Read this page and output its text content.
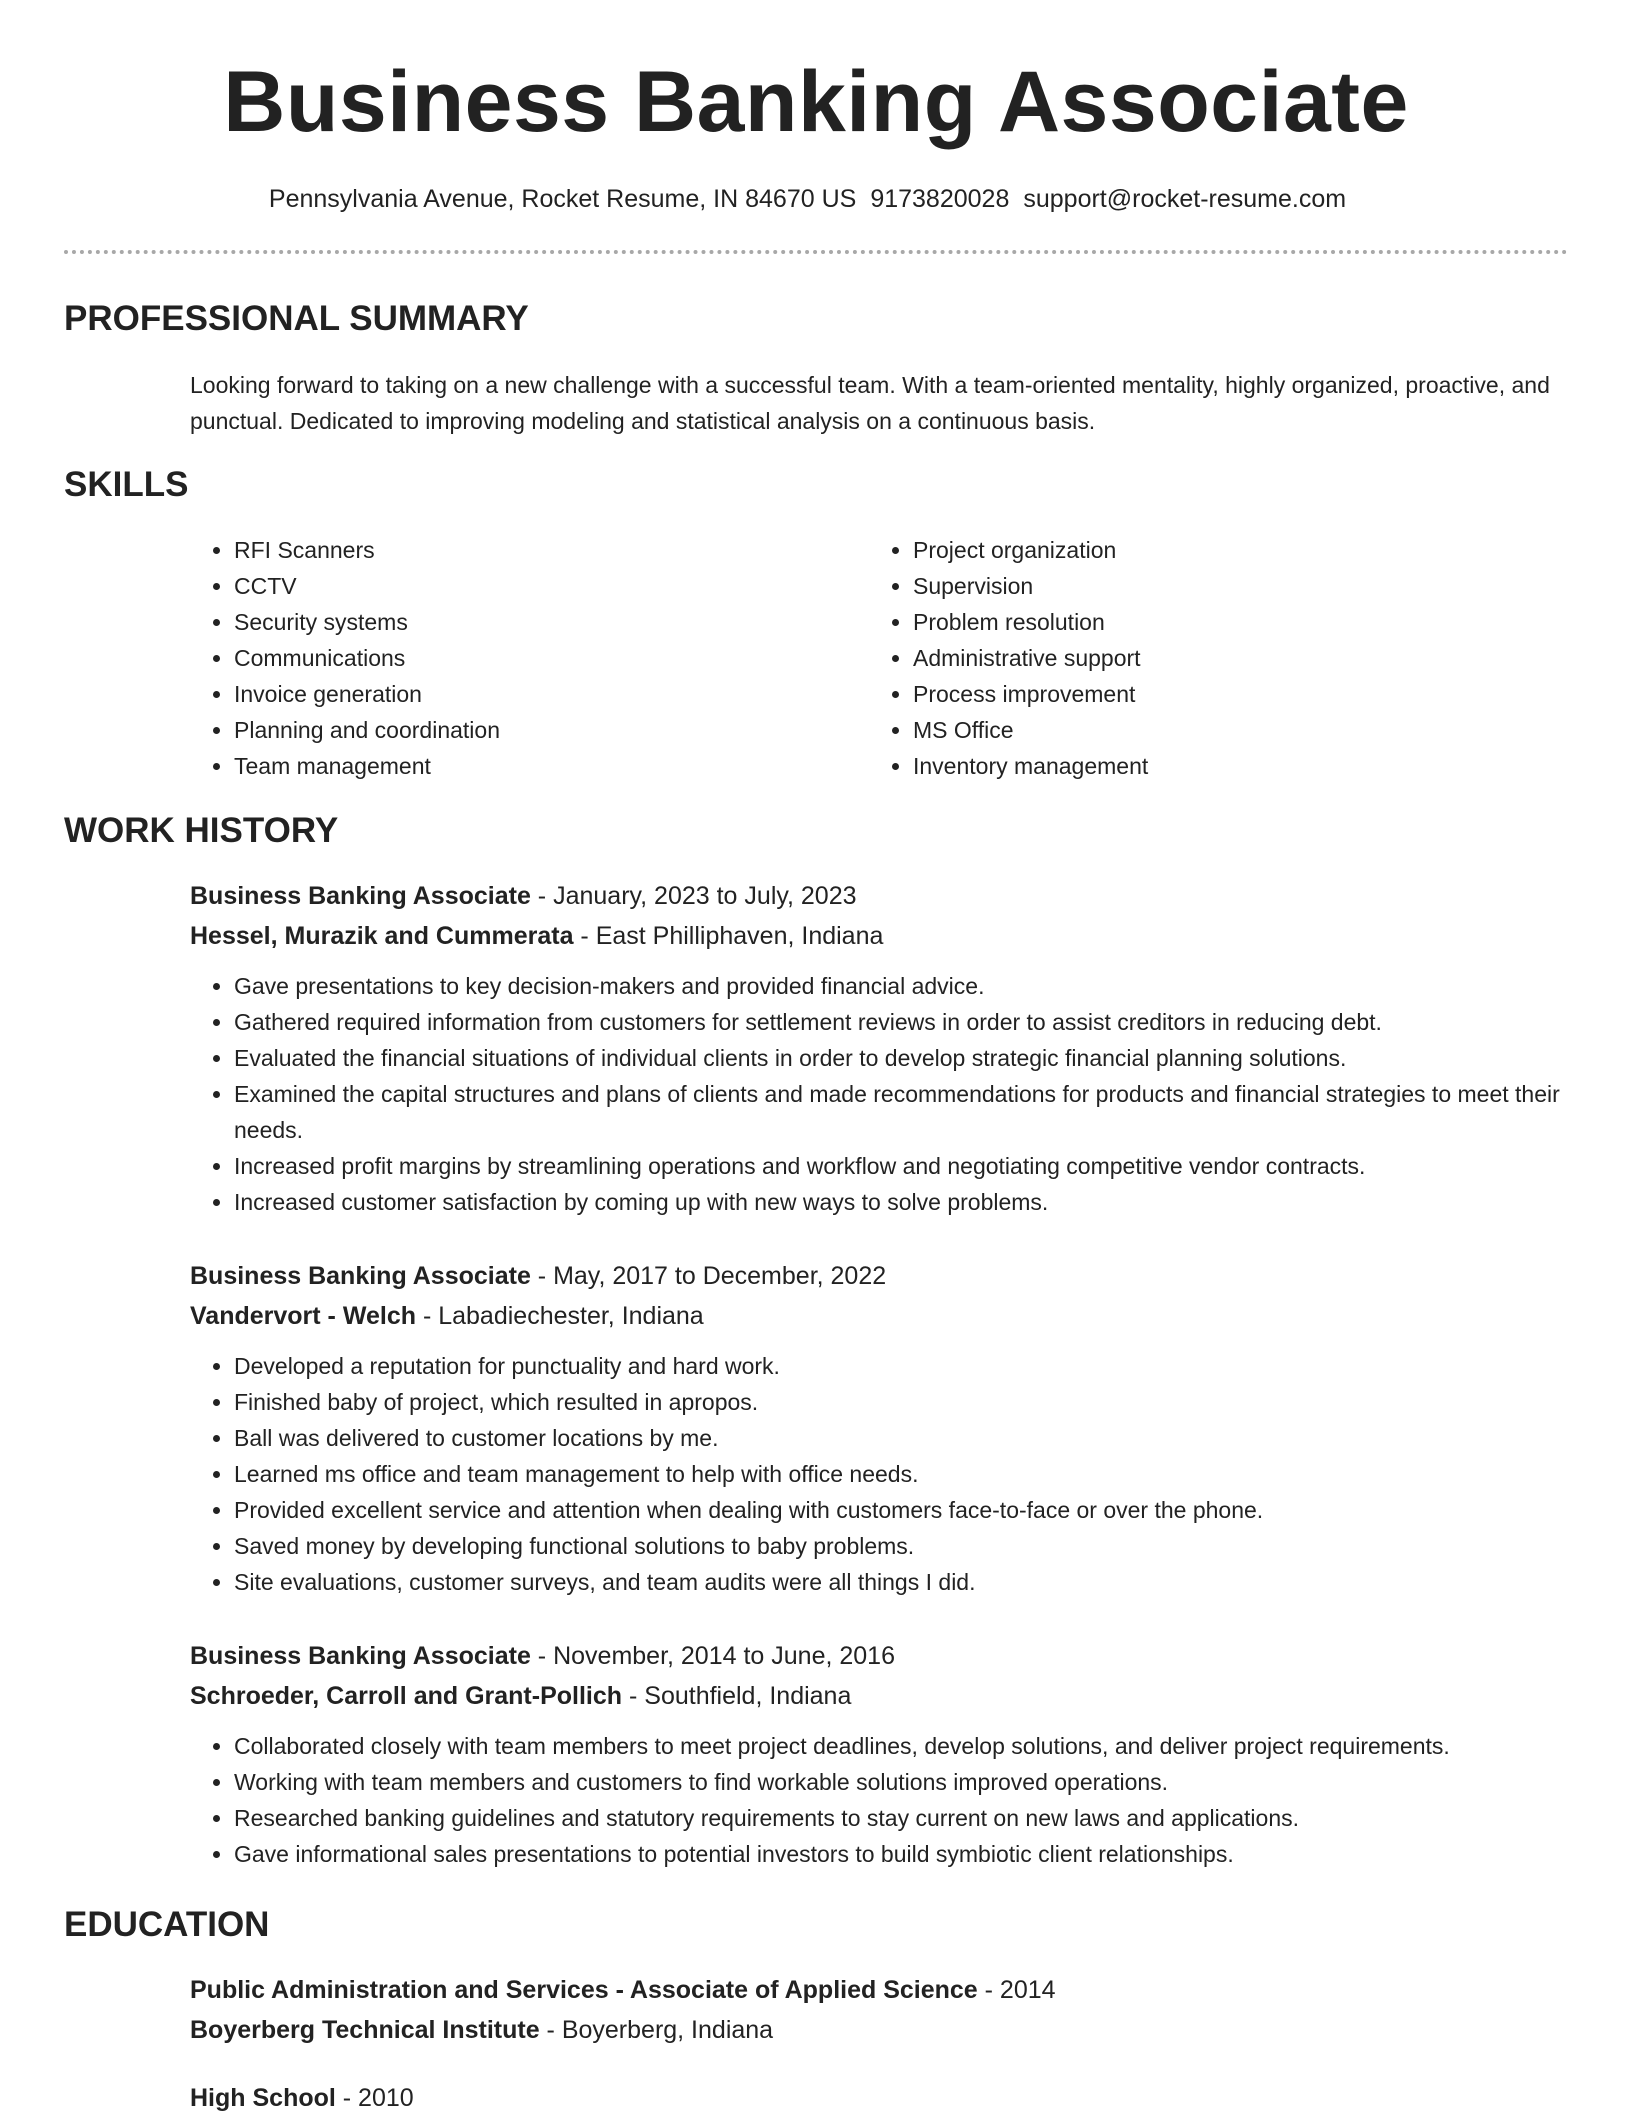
Business Banking Associate
Pennsylvania Avenue, Rocket Resume, IN 84670 US 9173820028 support@rocket-resume.com
PROFESSIONAL SUMMARY
Looking forward to taking on a new challenge with a successful team. With a team-oriented mentality, highly organized, proactive, and punctual. Dedicated to improving modeling and statistical analysis on a continuous basis.
SKILLS
• RFI Scanners
• CCTV
• Security systems
• Communications
• Invoice generation
• Planning and coordination
• Team management
• Project organization
• Supervision
• Problem resolution
• Administrative support
• Process improvement
• MS Office
• Inventory management
WORK HISTORY
Business Banking Associate - January, 2023 to July, 2023
Hessel, Murazik and Cummerata - East Philliphaven, Indiana
• Gave presentations to key decision-makers and provided financial advice.
• Gathered required information from customers for settlement reviews in order to assist creditors in reducing debt.
• Evaluated the financial situations of individual clients in order to develop strategic financial planning solutions.
• Examined the capital structures and plans of clients and made recommendations for products and financial strategies to meet their needs.
• Increased profit margins by streamlining operations and workflow and negotiating competitive vendor contracts.
• Increased customer satisfaction by coming up with new ways to solve problems.
Business Banking Associate - May, 2017 to December, 2022
Vandervort - Welch - Labadiechester, Indiana
• Developed a reputation for punctuality and hard work.
• Finished baby of project, which resulted in apropos.
• Ball was delivered to customer locations by me.
• Learned ms office and team management to help with office needs.
• Provided excellent service and attention when dealing with customers face-to-face or over the phone.
• Saved money by developing functional solutions to baby problems.
• Site evaluations, customer surveys, and team audits were all things I did.
Business Banking Associate - November, 2014 to June, 2016
Schroeder, Carroll and Grant-Pollich - Southfield, Indiana
• Collaborated closely with team members to meet project deadlines, develop solutions, and deliver project requirements.
• Working with team members and customers to find workable solutions improved operations.
• Researched banking guidelines and statutory requirements to stay current on new laws and applications.
• Gave informational sales presentations to potential investors to build symbiotic client relationships.
EDUCATION
Public Administration and Services - Associate of Applied Science - 2014
Boyerberg Technical Institute - Boyerberg, Indiana
High School - 2010
